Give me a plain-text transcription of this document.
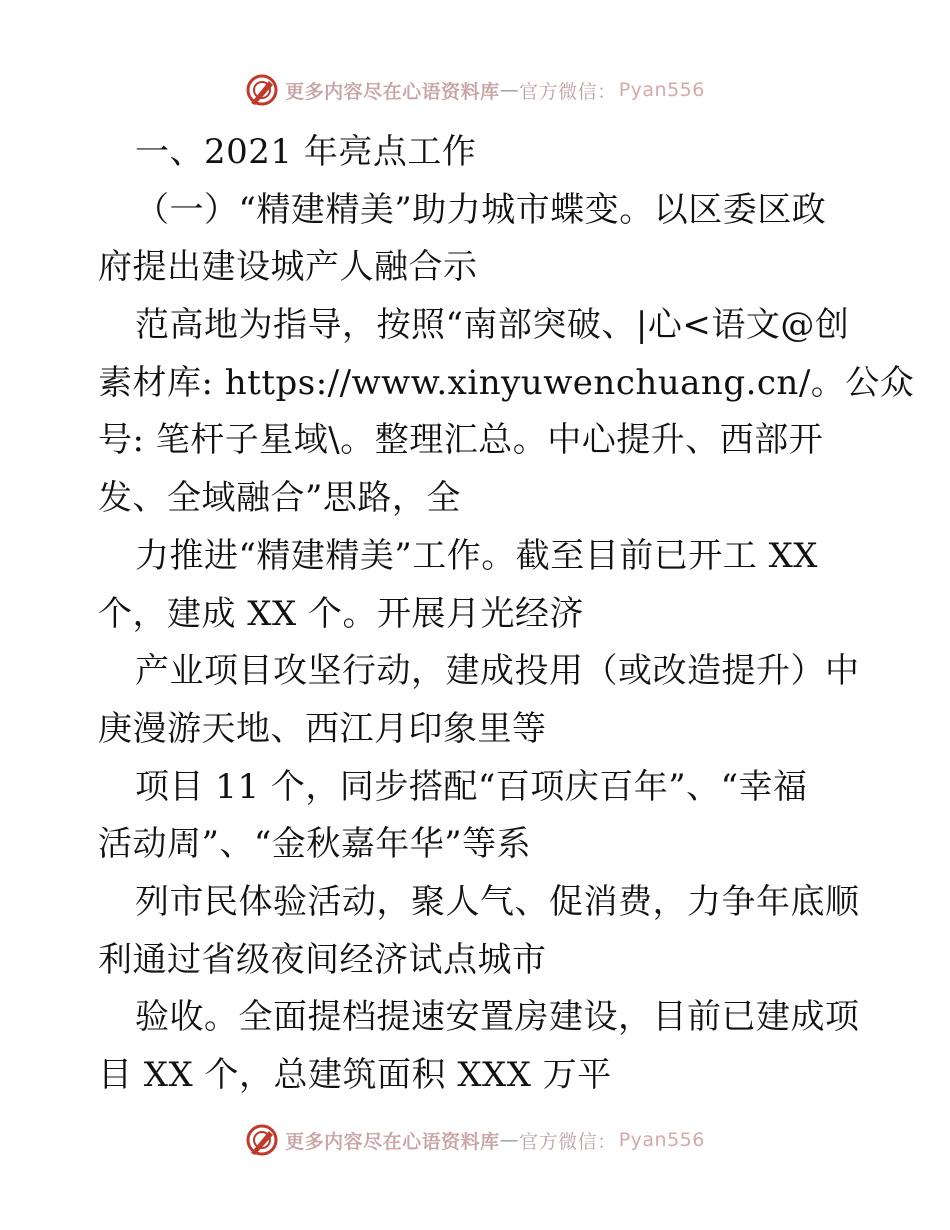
更多内容尽在心语资料库 — 官方微信： Pyan556
一、2021 年亮点工作
（一）“精建精美”助力城市蝶变。以区委区政
府提出建设城产人融合示
范高地为指导，按照“南部突破、|心<语文@创
素材库: https://www.xinyuwenchuang.cn/。公众
号: 笔杆子星域\。整理汇总。中心提升、西部开
发、全域融合”思路，全
力推进“精建精美”工作。截至目前已开工 XX
个，建成 XX 个。开展月光经济
产业项目攻坚行动，建成投用（或改造提升）中
庚漫游天地、西江月印象里等
项目 11 个，同步搭配“百项庆百年”、“幸福
活动周”、“金秋嘉年华”等系
列市民体验活动，聚人气、促消费，力争年底顺
利通过省级夜间经济试点城市
验收。全面提档提速安置房建设，目前已建成项
目 XX 个，总建筑面积 XXX 万平
更多内容尽在心语资料库 — 官方微信： Pyan556
